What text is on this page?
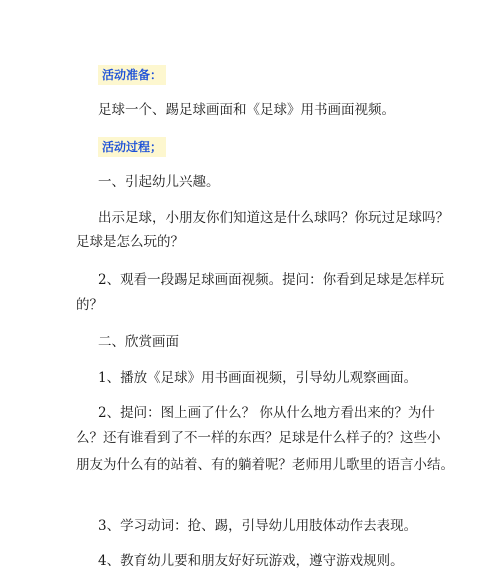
活动准备：
足球一个、踢足球画面和《足球》用书画面视频。
活动过程；
一、引起幼儿兴趣。
出示足球，小朋友你们知道这是什么球吗？你玩过足球吗？
足球是怎么玩的？
2、观看一段踢足球画面视频。提问：你看到足球是怎样玩
的？
二、欣赏画面
1、播放《足球》用书画面视频，引导幼儿观察画面。
2、提问：图上画了什么？ 你从什么地方看出来的？为什
么？还有谁看到了不一样的东西？足球是什么样子的？这些小
朋友为什么有的站着、有的躺着呢？老师用儿歌里的语言小结。
3、学习动词：抢、踢，引导幼儿用肢体动作去表现。
4、教育幼儿要和朋友好好玩游戏，遵守游戏规则。
